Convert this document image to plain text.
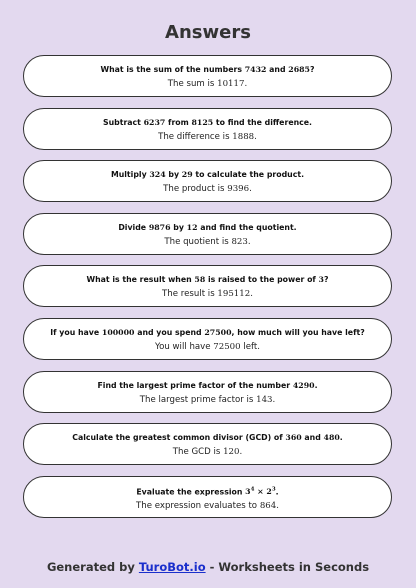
Answers
What is the sum of the numbers 7432 and 2685?
The sum is 10117.
Subtract 6237 from 8125 to find the difference.
The difference is 1888.
Multiply 324 by 29 to calculate the product.
The product is 9396.
Divide 9876 by 12 and find the quotient.
The quotient is 823.
What is the result when 58 is raised to the power of 3?
The result is 195112.
If you have 100000 and you spend 27500, how much will you have left?
You will have 72500 left.
Find the largest prime factor of the number 4290.
The largest prime factor is 143.
Calculate the greatest common divisor (GCD) of 360 and 480.
The GCD is 120.
Evaluate the expression $3^4 \times 2^3$.
The expression evaluates to 864.
Generated by TuroBot.io - Worksheets in Seconds
